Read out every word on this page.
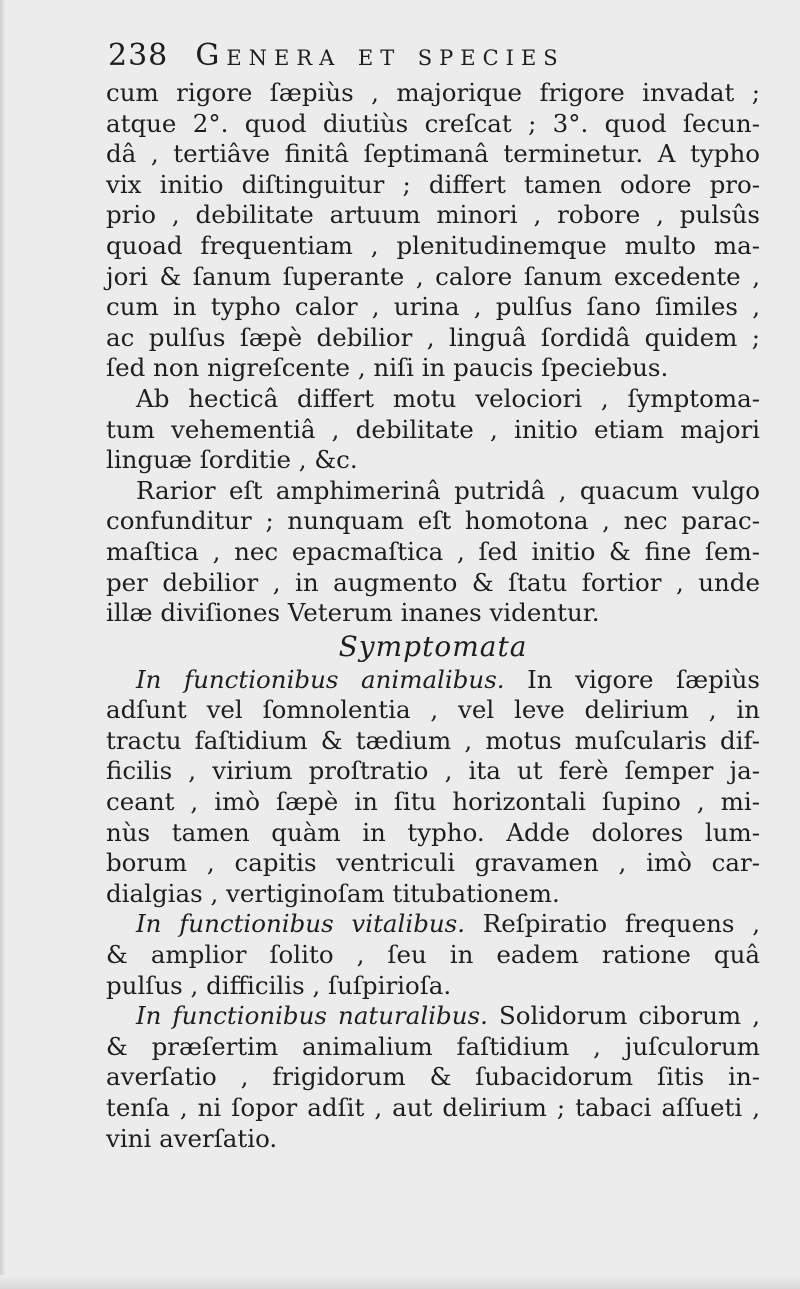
238 Genera et species
cum rigore ſæpiùs , majorique frigore invadat ;
atque 2°. quod diutiùs creſcat ; 3°. quod ſecun-
dâ , tertiâve finitâ ſeptimanâ terminetur. A typho
vix initio diſtinguitur ; differt tamen odore pro-
prio , debilitate artuum minori , robore , pulsûs
quoad frequentiam , plenitudinemque multo ma-
jori & ſanum ſuperante , calore ſanum excedente ,
cum in typho calor , urina , pulſus ſano ſimiles ,
ac pulſus ſæpè debilior , linguâ ſordidâ quidem ;
ſed non nigreſcente , niſi in paucis ſpeciebus.
Ab hecticâ differt motu velociori , ſymptoma-
tum vehementiâ , debilitate , initio etiam majori
linguæ ſorditie , &c.
Rarior eſt amphimerinâ putridâ , quacum vulgo
confunditur ; nunquam eſt homotona , nec parac-
maſtica , nec epacmaſtica , ſed initio & fine ſem-
per debilior , in augmento & ſtatu fortior , unde
illæ diviſiones Veterum inanes videntur.
Symptomata
In functionibus animalibus. In vigore ſæpiùs
adſunt vel ſomnolentia , vel leve delirium , in
tractu faſtidium & tædium , motus muſcularis dif-
ficilis , virium proſtratio , ita ut ferè ſemper ja-
ceant , imò ſæpè in ſitu horizontali ſupino , mi-
nùs tamen quàm in typho. Adde dolores lum-
borum , capitis ventriculi gravamen , imò car-
dialgias , vertiginoſam titubationem.
In functionibus vitalibus. Reſpiratio frequens ,
& amplior ſolito , ſeu in eadem ratione quâ
pulſus , difficilis , ſuſpirioſa.
In functionibus naturalibus. Solidorum ciborum ,
& præſertim animalium faſtidium , juſculorum
averſatio , frigidorum & ſubacidorum ſitis in-
tenſa , ni ſopor adſit , aut delirium ; tabaci aſſueti ,
vini averſatio.
